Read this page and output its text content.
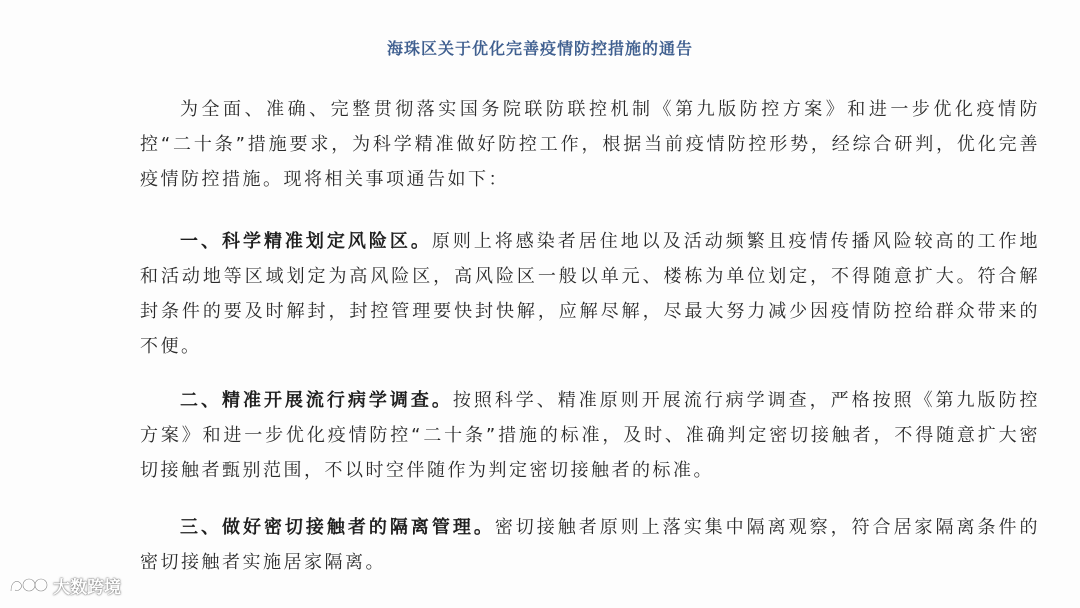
海珠区关于优化完善疫情防控措施的通告

为全面、准确、完整贯彻落实国务院联防联控机制《第九版防控方案》和进一步优化疫情防控“二十条”措施要求，为科学精准做好防控工作，根据当前疫情防控形势，经综合研判，优化完善疫情防控措施。现将相关事项通告如下：

一、科学精准划定风险区。原则上将感染者居住地以及活动频繁且疫情传播风险较高的工作地和活动地等区域划定为高风险区，高风险区一般以单元、楼栋为单位划定，不得随意扩大。符合解封条件的要及时解封，封控管理要快封快解，应解尽解，尽最大努力减少因疫情防控给群众带来的不便。

二、精准开展流行病学调查。按照科学、精准原则开展流行病学调查，严格按照《第九版防控方案》和进一步优化疫情防控“二十条”措施的标准，及时、准确判定密切接触者，不得随意扩大密切接触者甄别范围，不以时空伴随作为判定密切接触者的标准。

三、做好密切接触者的隔离管理。密切接触者原则上落实集中隔离观察，符合居家隔离条件的密切接触者实施居家隔离。

大数跨境
